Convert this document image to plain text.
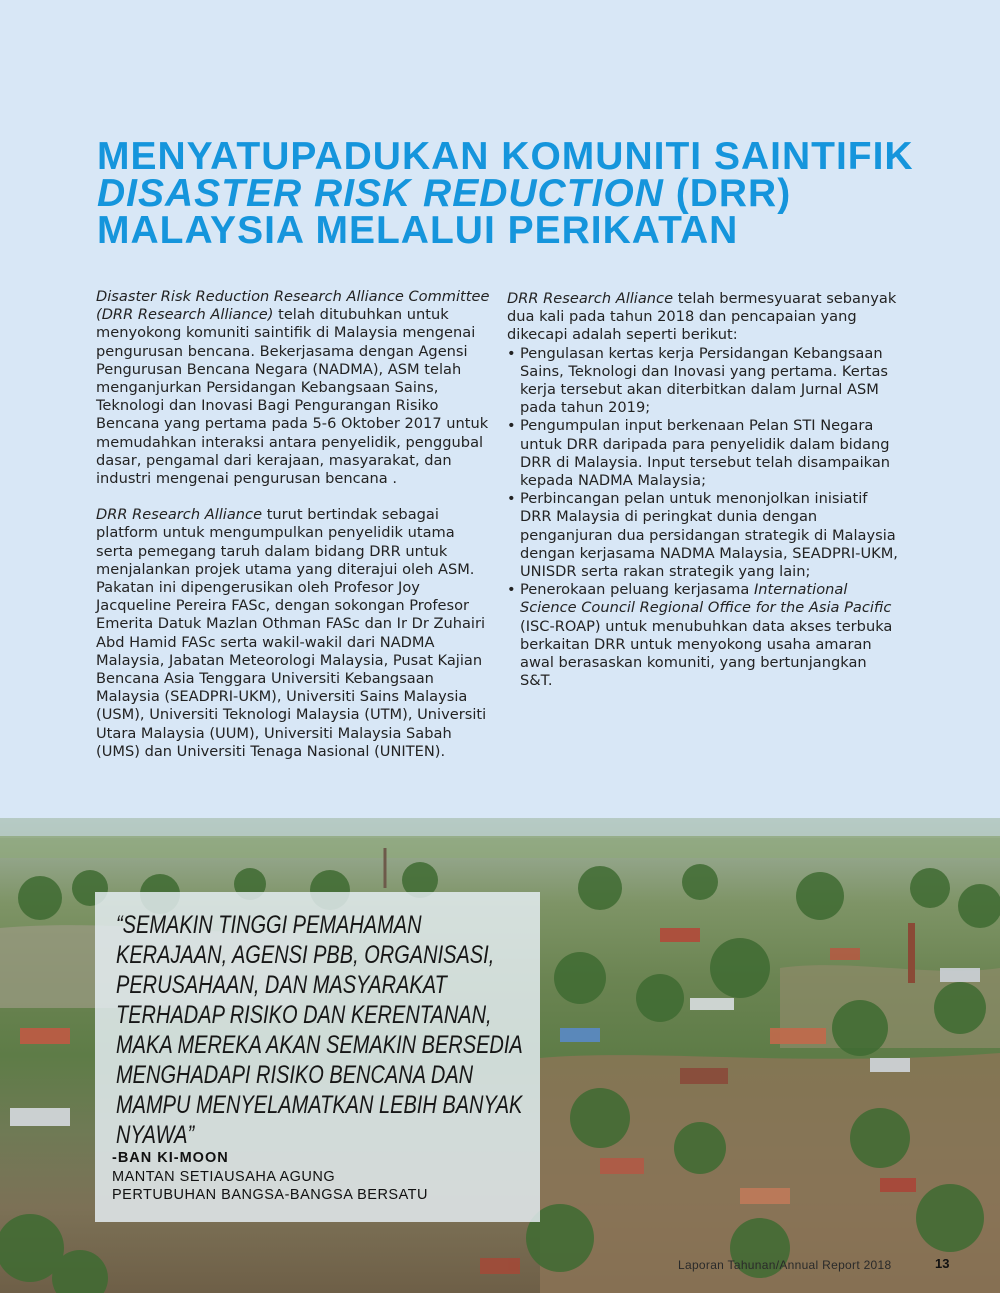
MENYATUPADUKAN KOMUNITI SAINTIFIK
DISASTER RISK REDUCTION (DRR)
MALAYSIA MELALUI PERIKATAN

Disaster Risk Reduction Research Alliance Committee (DRR Research Alliance) telah ditubuhkan untuk menyokong komuniti saintifik di Malaysia mengenai pengurusan bencana. Bekerjasama dengan Agensi Pengurusan Bencana Negara (NADMA), ASM telah menganjurkan Persidangan Kebangsaan Sains, Teknologi dan Inovasi Bagi Pengurangan Risiko Bencana yang pertama pada 5-6 Oktober 2017 untuk memudahkan interaksi antara penyelidik, penggubal dasar, pengamal dari kerajaan, masyarakat, dan industri mengenai pengurusan bencana .

DRR Research Alliance turut bertindak sebagai platform untuk mengumpulkan penyelidik utama serta pemegang taruh dalam bidang DRR untuk menjalankan projek utama yang diterajui oleh ASM. Pakatan ini dipengerusikan oleh Profesor Joy Jacqueline Pereira FASc, dengan sokongan Profesor Emerita Datuk Mazlan Othman FASc dan Ir Dr Zuhairi Abd Hamid FASc serta wakil-wakil dari NADMA Malaysia, Jabatan Meteorologi Malaysia, Pusat Kajian Bencana Asia Tenggara Universiti Kebangsaan Malaysia (SEADPRI-UKM), Universiti Sains Malaysia (USM), Universiti Teknologi Malaysia (UTM), Universiti Utara Malaysia (UUM), Universiti Malaysia Sabah (UMS) dan Universiti Tenaga Nasional (UNITEN).

DRR Research Alliance telah bermesyuarat sebanyak dua kali pada tahun 2018 dan pencapaian yang dikecapi adalah seperti berikut:

• Pengulasan kertas kerja Persidangan Kebangsaan Sains, Teknologi dan Inovasi yang pertama. Kertas kerja tersebut akan diterbitkan dalam Jurnal ASM pada tahun 2019;
• Pengumpulan input berkenaan Pelan STI Negara untuk DRR daripada para penyelidik dalam bidang DRR di Malaysia. Input tersebut telah disampaikan kepada NADMA Malaysia;
• Perbincangan pelan untuk menonjolkan inisiatif DRR Malaysia di peringkat dunia dengan penganjuran dua persidangan strategik di Malaysia dengan kerjasama NADMA Malaysia, SEADPRI-UKM, UNISDR serta rakan strategik yang lain;
• Penerokaan peluang kerjasama International Science Council Regional Office for the Asia Pacific (ISC-ROAP) untuk menubuhkan data akses terbuka berkaitan DRR untuk menyokong usaha amaran awal berasaskan komuniti, yang bertunjangkan S&T.

“SEMAKIN TINGGI PEMAHAMAN KERAJAAN, AGENSI PBB, ORGANISASI, PERUSAHAAN, DAN MASYARAKAT TERHADAP RISIKO DAN KERENTANAN, MAKA MEREKA AKAN SEMAKIN BERSEDIA MENGHADAPI RISIKO BENCANA DAN MAMPU MENYELAMATKAN LEBIH BANYAK NYAWA”

-BAN KI-MOON
MANTAN SETIAUSAHA AGUNG
PERTUBUHAN BANGSA-BANGSA BERSATU
Laporan Tahunan/Annual Report 2018	13
